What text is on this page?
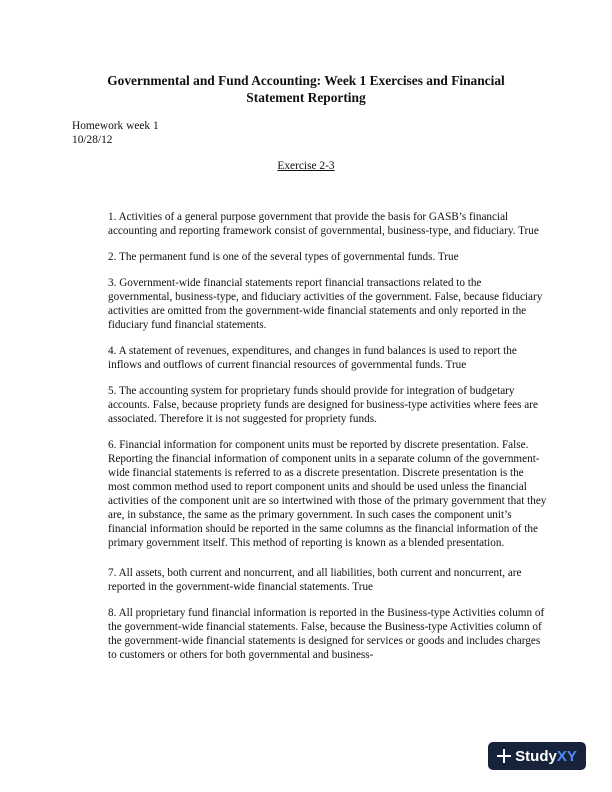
Governmental and Fund Accounting: Week 1 Exercises and Financial
Statement Reporting
Homework week 1
10/28/12
Exercise 2-3
1. Activities of a general purpose government that provide the basis for GASB’s financial accounting and reporting framework consist of governmental, business-type, and fiduciary. True
2. The permanent fund is one of the several types of governmental funds. True
3. Government-wide financial statements report financial transactions related to the governmental, business-type, and fiduciary activities of the government. False, because fiduciary activities are omitted from the government-wide financial statements and only reported in the fiduciary fund financial statements.
4. A statement of revenues, expenditures, and changes in fund balances is used to report the inflows and outflows of current financial resources of governmental funds. True
5. The accounting system for proprietary funds should provide for integration of budgetary accounts. False, because propriety funds are designed for business-type activities where fees are associated. Therefore it is not suggested for propriety funds.
6. Financial information for component units must be reported by discrete presentation. False. Reporting the financial information of component units in a separate column of the government-wide financial statements is referred to as a discrete presentation. Discrete presentation is the most common method used to report component units and should be used unless the financial activities of the component unit are so intertwined with those of the primary government that they are, in substance, the same as the primary government. In such cases the component unit’s financial information should be reported in the same columns as the financial information of the primary government itself. This method of reporting is known as a blended presentation.
7. All assets, both current and noncurrent, and all liabilities, both current and noncurrent, are reported in the government-wide financial statements. True
8. All proprietary fund financial information is reported in the Business-type Activities column of the government-wide financial statements. False, because the Business-type Activities column of the government-wide financial statements is designed for services or goods and includes charges to customers or others for both governmental and business-
StudyXY
